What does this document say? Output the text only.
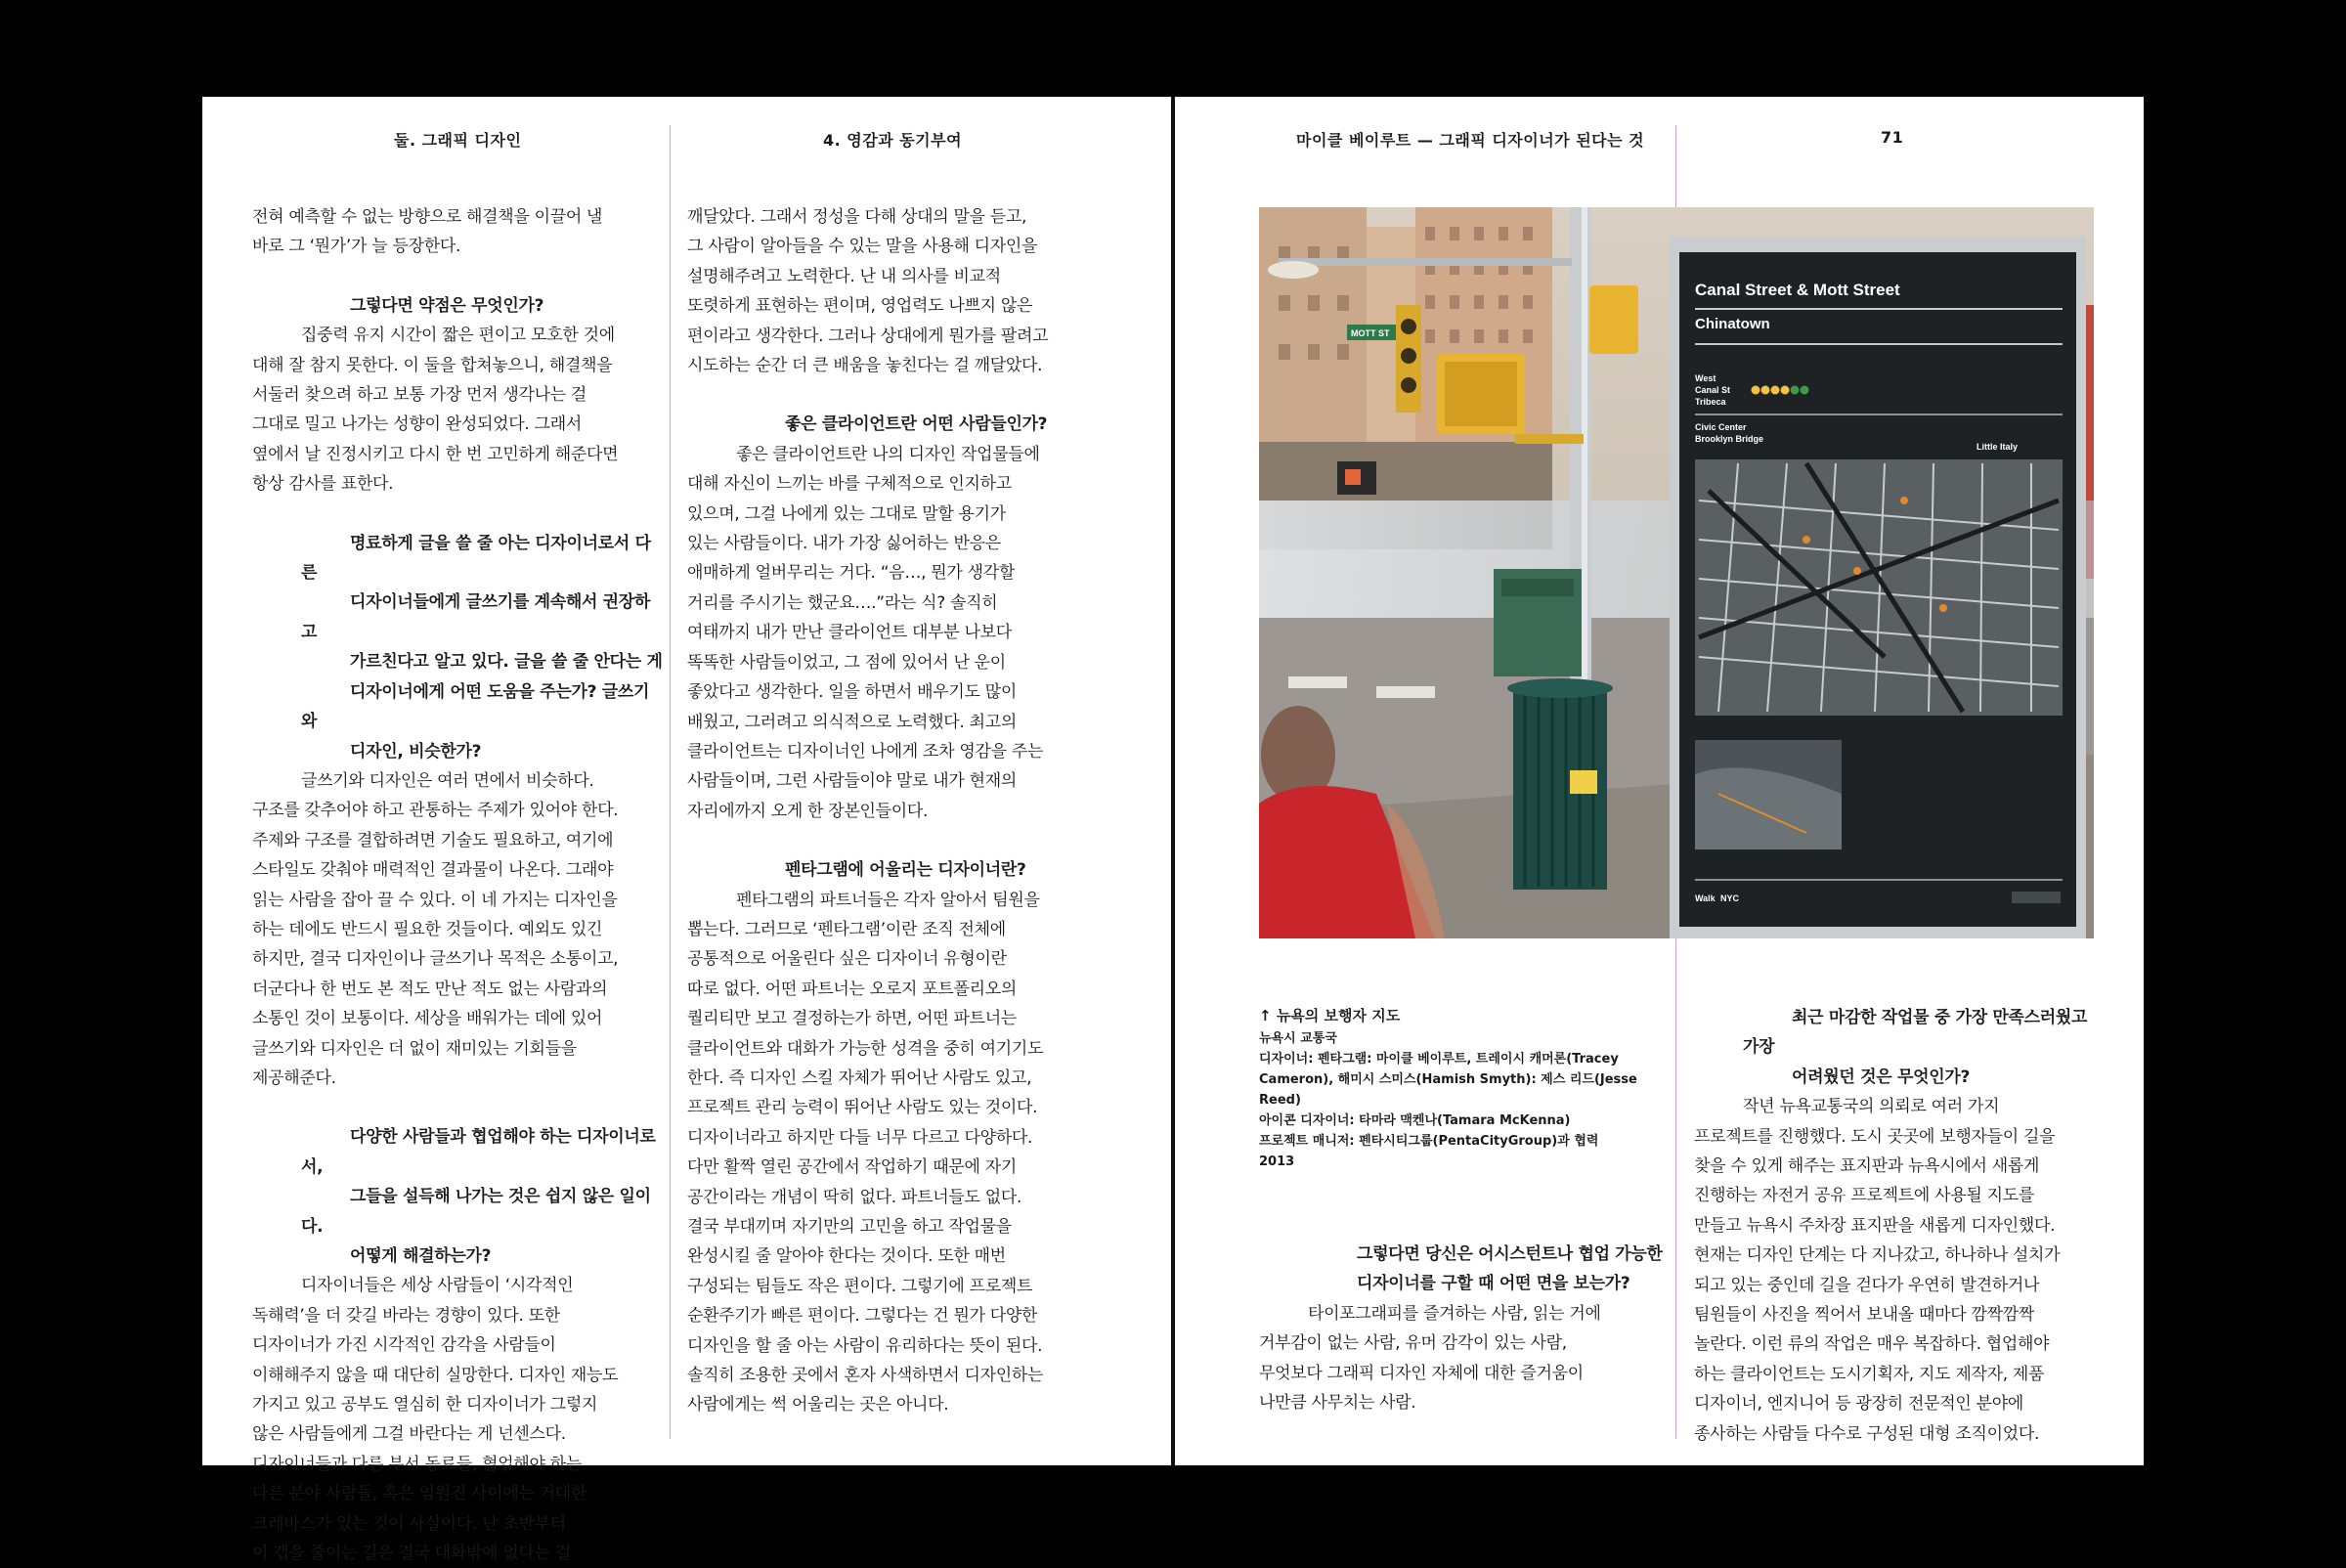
둘. 그래픽 디자인	4. 영감과 동기부여	마이클 베이루트 — 그래픽 디자이너가 된다는 것	71

전혀 예측할 수 없는 방향으로 해결책을 이끌어 낼

바로 그 ‘뭔가’가 늘 등장한다.

그렇다면 약점은 무엇인가?

집중력 유지 시간이 짧은 편이고 모호한 것에

대해 잘 참지 못한다. 이 둘을 합쳐놓으니, 해결책을

서둘러 찾으려 하고 보통 가장 먼저 생각나는 걸

그대로 밀고 나가는 성향이 완성되었다. 그래서

옆에서 날 진정시키고 다시 한 번 고민하게 해준다면

항상 감사를 표한다.

명료하게 글을 쓸 줄 아는 디자이너로서 다른

디자이너들에게 글쓰기를 계속해서 권장하고

가르친다고 알고 있다. 글을 쓸 줄 안다는 게

디자이너에게 어떤 도움을 주는가? 글쓰기와

디자인, 비슷한가?

글쓰기와 디자인은 여러 면에서 비슷하다.

구조를 갖추어야 하고 관통하는 주제가 있어야 한다.

주제와 구조를 결합하려면 기술도 필요하고, 여기에

스타일도 갖춰야 매력적인 결과물이 나온다. 그래야

읽는 사람을 잡아 끌 수 있다. 이 네 가지는 디자인을

하는 데에도 반드시 필요한 것들이다. 예외도 있긴

하지만, 결국 디자인이나 글쓰기나 목적은 소통이고,

더군다나 한 번도 본 적도 만난 적도 없는 사람과의

소통인 것이 보통이다. 세상을 배워가는 데에 있어

글쓰기와 디자인은 더 없이 재미있는 기회들을

제공해준다.

다양한 사람들과 협업해야 하는 디자이너로서,

그들을 설득해 나가는 것은 쉽지 않은 일이다.

어떻게 해결하는가?

디자이너들은 세상 사람들이 ‘시각적인

독해력’을 더 갖길 바라는 경향이 있다. 또한

디자이너가 가진 시각적인 감각을 사람들이

이해해주지 않을 때 대단히 실망한다. 디자인 재능도

가지고 있고 공부도 열심히 한 디자이너가 그렇지

않은 사람들에게 그걸 바란다는 게 넌센스다.

디자이너들과 다른 부서 동료들, 협업해야 하는

다른 분야 사람들, 혹은 임원진 사이에는 거대한

크레바스가 있는 것이 사실이다. 난 초반부터

이 갭을 줄이는 길은 결국 대화밖에 없다는 걸

깨달았다. 그래서 정성을 다해 상대의 말을 듣고,

그 사람이 알아들을 수 있는 말을 사용해 디자인을

설명해주려고 노력한다. 난 내 의사를 비교적

또렷하게 표현하는 편이며, 영업력도 나쁘지 않은

편이라고 생각한다. 그러나 상대에게 뭔가를 팔려고

시도하는 순간 더 큰 배움을 놓친다는 걸 깨달았다.

좋은 클라이언트란 어떤 사람들인가?

좋은 클라이언트란 나의 디자인 작업물들에

대해 자신이 느끼는 바를 구체적으로 인지하고

있으며, 그걸 나에게 있는 그대로 말할 용기가

있는 사람들이다. 내가 가장 싫어하는 반응은

애매하게 얼버무리는 거다. “음…, 뭔가 생각할

거리를 주시기는 했군요….”라는 식? 솔직히

여태까지 내가 만난 클라이언트 대부분 나보다

똑똑한 사람들이었고, 그 점에 있어서 난 운이

좋았다고 생각한다. 일을 하면서 배우기도 많이

배웠고, 그러려고 의식적으로 노력했다. 최고의

클라이언트는 디자이너인 나에게 조차 영감을 주는

사람들이며, 그런 사람들이야 말로 내가 현재의

자리에까지 오게 한 장본인들이다.

펜타그램에 어울리는 디자이너란?

펜타그램의 파트너들은 각자 알아서 팀원을

뽑는다. 그러므로 ‘펜타그램’이란 조직 전체에

공통적으로 어울린다 싶은 디자이너 유형이란

따로 없다. 어떤 파트너는 오로지 포트폴리오의

퀄리티만 보고 결정하는가 하면, 어떤 파트너는

클라이언트와 대화가 가능한 성격을 중히 여기기도

한다. 즉 디자인 스킬 자체가 뛰어난 사람도 있고,

프로젝트 관리 능력이 뛰어난 사람도 있는 것이다.

디자이너라고 하지만 다들 너무 다르고 다양하다.

다만 활짝 열린 공간에서 작업하기 때문에 자기

공간이라는 개념이 딱히 없다. 파트너들도 없다.

결국 부대끼며 자기만의 고민을 하고 작업물을

완성시킬 줄 알아야 한다는 것이다. 또한 매번

구성되는 팀들도 작은 편이다. 그렇기에 프로젝트

순환주기가 빠른 편이다. 그렇다는 건 뭔가 다양한

디자인을 할 줄 아는 사람이 유리하다는 뜻이 된다.

솔직히 조용한 곳에서 혼자 사색하면서 디자인하는

사람에게는 썩 어울리는 곳은 아니다.

그렇다면 당신은 어시스턴트나 협업 가능한

디자이너를 구할 때 어떤 면을 보는가?

타이포그래피를 즐겨하는 사람, 읽는 거에

거부감이 없는 사람, 유머 감각이 있는 사람,

무엇보다 그래픽 디자인 자체에 대한 즐거움이

나만큼 사무치는 사람.

최근 마감한 작업물 중 가장 만족스러웠고 가장

어려웠던 것은 무엇인가?

작년 뉴욕교통국의 의뢰로 여러 가지

프로젝트를 진행했다. 도시 곳곳에 보행자들이 길을

찾을 수 있게 해주는 표지판과 뉴욕시에서 새롭게

진행하는 자전거 공유 프로젝트에 사용될 지도를

만들고 뉴욕시 주차장 표지판을 새롭게 디자인했다.

현재는 디자인 단계는 다 지나갔고, 하나하나 설치가

되고 있는 중인데 길을 걷다가 우연히 발견하거나

팀원들이 사진을 찍어서 보내올 때마다 깜짝깜짝

놀란다. 이런 류의 작업은 매우 복잡하다. 협업해야

하는 클라이언트는 도시기획자, 지도 제작자, 제품

디자이너, 엔지니어 등 광장히 전문적인 분야에

종사하는 사람들 다수로 구성된 대형 조직이었다.

MOTT ST
Canal Street & Mott Street
Chinatown
West
Canal St
Tribeca
Civic Center
Brooklyn Bridge
Little Italy
Walk NYC
↑ 뉴욕의 보행자 지도
뉴욕시 교통국
디자이너: 펜타그램: 마이클 베이루트, 트레이시 캐머론(Tracey
Cameron), 해미시 스미스(Hamish Smyth): 제스 리드(Jesse
Reed)
아이콘 디자이너: 타마라 맥켄나(Tamara McKenna)
프로젝트 매니저: 펜타시티그룹(PentaCityGroup)과 협력
2013
